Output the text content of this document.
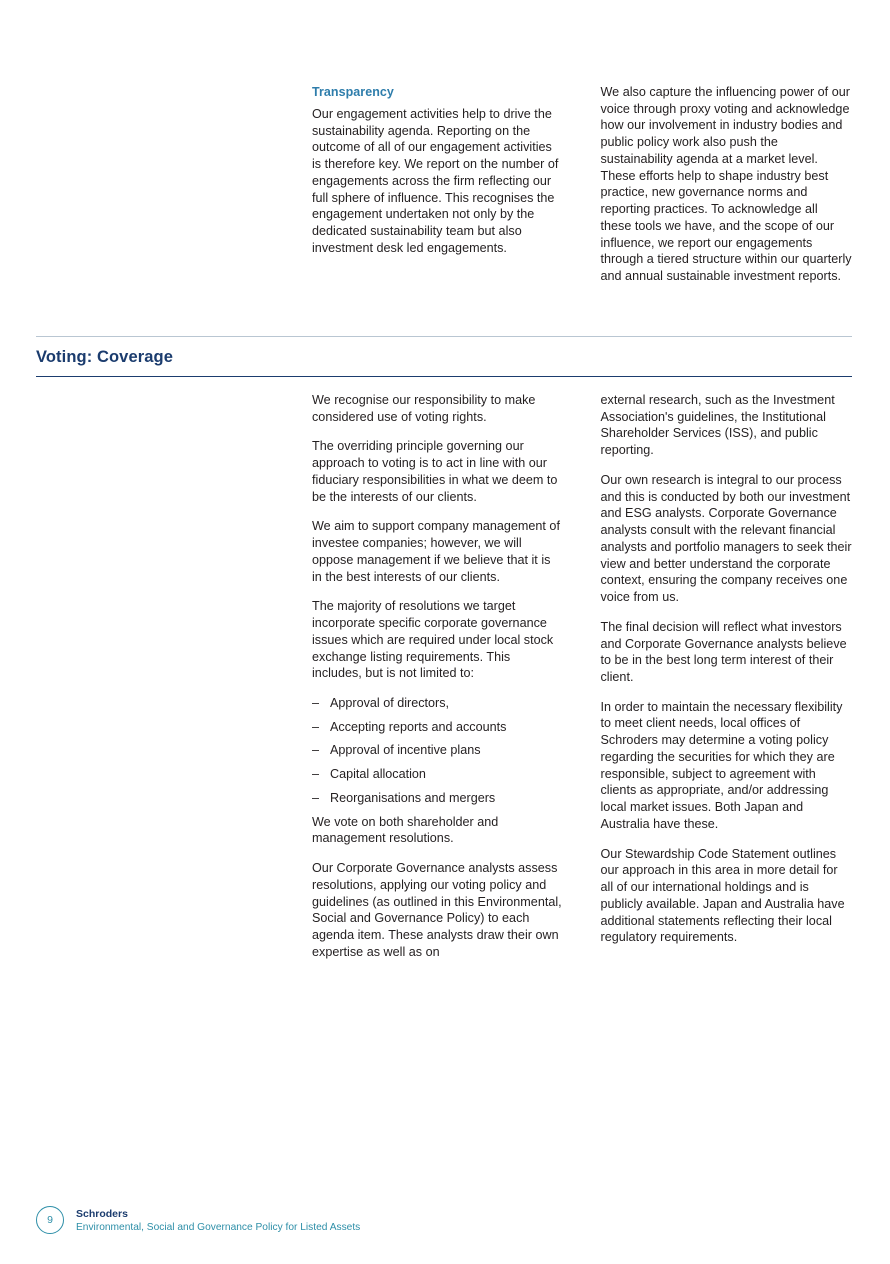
Transparency

Our engagement activities help to drive the sustainability agenda. Reporting on the outcome of all of our engagement activities is therefore key. We report on the number of engagements across the firm reflecting our full sphere of influence. This recognises the engagement undertaken not only by the dedicated sustainability team but also investment desk led engagements.

We also capture the influencing power of our voice through proxy voting and acknowledge how our involvement in industry bodies and public policy work also push the sustainability agenda at a market level. These efforts help to shape industry best practice, new governance norms and reporting practices. To acknowledge all these tools we have, and the scope of our influence, we report our engagements through a tiered structure within our quarterly and annual sustainable investment reports.

Voting: Coverage

We recognise our responsibility to make considered use of voting rights.

The overriding principle governing our approach to voting is to act in line with our fiduciary responsibilities in what we deem to be the interests of our clients.

We aim to support company management of investee companies; however, we will oppose management if we believe that it is in the best interests of our clients.

The majority of resolutions we target incorporate specific corporate governance issues which are required under local stock exchange listing requirements. This includes, but is not limited to:

– Approval of directors,
– Accepting reports and accounts
– Approval of incentive plans
– Capital allocation
– Reorganisations and mergers

We vote on both shareholder and management resolutions.

Our Corporate Governance analysts assess resolutions, applying our voting policy and guidelines (as outlined in this Environmental, Social and Governance Policy) to each agenda item. These analysts draw their own expertise as well as on

external research, such as the Investment Association's guidelines, the Institutional Shareholder Services (ISS), and public reporting.

Our own research is integral to our process and this is conducted by both our investment and ESG analysts. Corporate Governance analysts consult with the relevant financial analysts and portfolio managers to seek their view and better understand the corporate context, ensuring the company receives one voice from us.

The final decision will reflect what investors and Corporate Governance analysts believe to be in the best long term interest of their client.

In order to maintain the necessary flexibility to meet client needs, local offices of Schroders may determine a voting policy regarding the securities for which they are responsible, subject to agreement with clients as appropriate, and/or addressing local market issues. Both Japan and Australia have these.

Our Stewardship Code Statement outlines our approach in this area in more detail for all of our international holdings and is publicly available. Japan and Australia have additional statements reflecting their local regulatory requirements.

9
Schroders
Environmental, Social and Governance Policy for Listed Assets
